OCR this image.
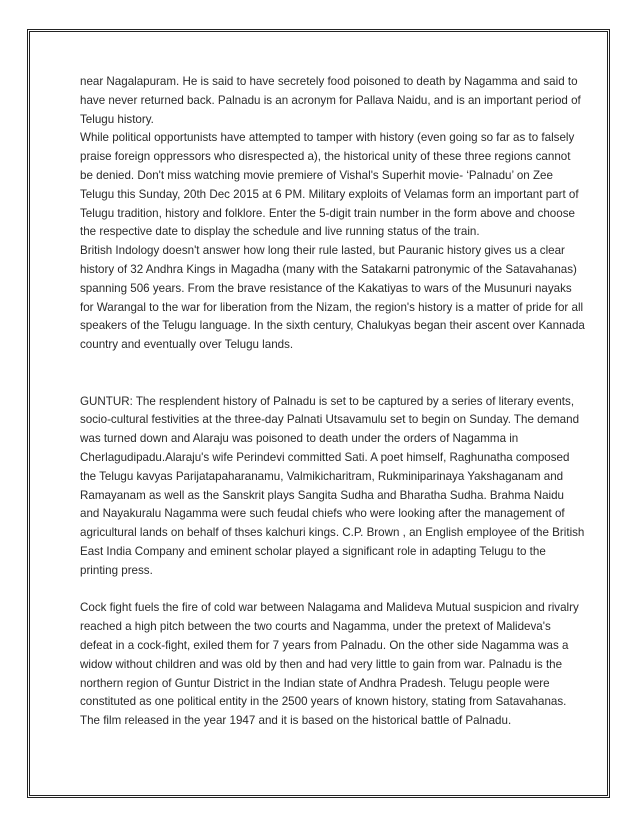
near Nagalapuram. He is said to have secretely food poisoned to death by Nagamma and said to have never returned back. Palnadu is an acronym for Pallava Naidu, and is an important period of Telugu history.

While political opportunists have attempted to tamper with history (even going so far as to falsely praise foreign oppressors who disrespected a), the historical unity of these three regions cannot be denied. Don't miss watching movie premiere of Vishal's Superhit movie- ‘Palnadu’ on Zee Telugu this Sunday, 20th Dec 2015 at 6 PM. Military exploits of Velamas form an important part of Telugu tradition, history and folklore. Enter the 5-digit train number in the form above and choose the respective date to display the schedule and live running status of the train.

British Indology doesn't answer how long their rule lasted, but Pauranic history gives us a clear history of 32 Andhra Kings in Magadha (many with the Satakarni patronymic of the Satavahanas) spanning 506 years. From the brave resistance of the Kakatiyas to wars of the Musunuri nayaks for Warangal to the war for liberation from the Nizam, the region's history is a matter of pride for all speakers of the Telugu language. In the sixth century, Chalukyas began their ascent over Kannada country and eventually over Telugu lands.

GUNTUR: The resplendent history of Palnadu is set to be captured by a series of literary events, socio-cultural festivities at the three-day Palnati Utsavamulu set to begin on Sunday. The demand was turned down and Alaraju was poisoned to death under the orders of Nagamma in Cherlagudipadu.Alaraju's wife Perindevi committed Sati. A poet himself, Raghunatha composed the Telugu kavyas Parijatapaharanamu, Valmikicharitram, Rukminiparinaya Yakshaganam and Ramayanam as well as the Sanskrit plays Sangita Sudha and Bharatha Sudha. Brahma Naidu and Nayakuralu Nagamma were such feudal chiefs who were looking after the management of agricultural lands on behalf of thses kalchuri kings. C.P. Brown , an English employee of the British East India Company and eminent scholar played a significant role in adapting Telugu to the printing press.

Cock fight fuels the fire of cold war between Nalagama and Malideva Mutual suspicion and rivalry reached a high pitch between the two courts and Nagamma, under the pretext of Malideva's defeat in a cock-fight, exiled them for 7 years from Palnadu. On the other side Nagamma was a widow without children and was old by then and had very little to gain from war. Palnadu is the northern region of Guntur District in the Indian state of Andhra Pradesh. Telugu people were constituted as one political entity in the 2500 years of known history, stating from Satavahanas. The film released in the year 1947 and it is based on the historical battle of Palnadu.
